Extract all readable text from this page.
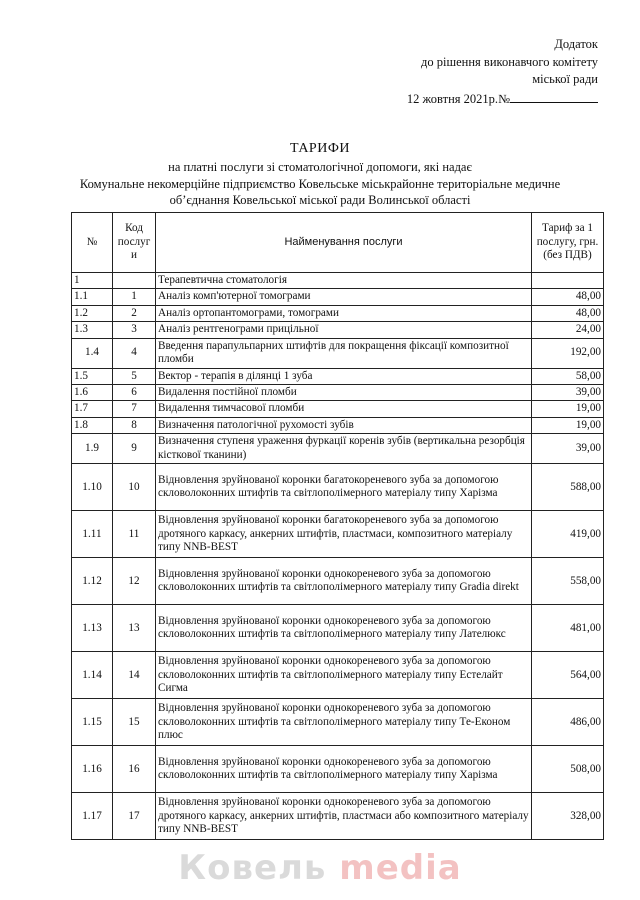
Додаток
до рішення виконавчого комітету
міської ради
12 жовтня 2021р.№
ТАРИФИ
на платні послуги зі стоматологічної допомоги, які надає
Комунальне некомерційне підприємство Ковельське міськрайонне територіальне медичне
об’єднання Ковельської міської ради Волинської області
№	Код послуг и	Найменування послуги	Тариф за 1 послугу, грн. (без ПДВ)
1		Терапевтична стоматологія	
1.1	1	Аналіз комп'ютерної томограми	48,00
1.2	2	Аналіз ортопантомограми, томограми	48,00
1.3	3	Аналіз рентгенограми прицільної	24,00
1.4	4	Введення парапульпарних штифтів для покращення фіксації композитної пломби	192,00
1.5	5	Вектор - терапія в ділянці 1 зуба	58,00
1.6	6	Видалення постійної пломби	39,00
1.7	7	Видалення тимчасової пломби	19,00
1.8	8	Визначення патологічної рухомості зубів	19,00
1.9	9	Визначення ступеня ураження фуркації коренів зубів (вертикальна резорбція кісткової тканини)	39,00
1.10	10	Відновлення зруйнованої коронки багатокореневого зуба за допомогою скловолоконних штифтів та світлополімерного матеріалу типу Харізма	588,00
1.11	11	Відновлення зруйнованої коронки багатокореневого зуба за допомогою дротяного каркасу, анкерних штифтів, пластмаси, композитного матеріалу типу NNB-BEST	419,00
1.12	12	Відновлення зруйнованої коронки однокореневого зуба за допомогою скловолоконних штифтів та світлополімерного матеріалу типу Gradia direkt	558,00
1.13	13	Відновлення зруйнованої коронки однокореневого зуба за допомогою скловолоконних штифтів та світлополімерного матеріалу типу Лателюкс	481,00
1.14	14	Відновлення зруйнованої коронки однокореневого зуба за допомогою скловолоконних штифтів та світлополімерного матеріалу типу Естелайт Сигма	564,00
1.15	15	Відновлення зруйнованої коронки однокореневого зуба за допомогою скловолоконних штифтів та світлополімерного матеріалу типу Те-Економ плюс	486,00
1.16	16	Відновлення зруйнованої коронки однокореневого зуба за допомогою скловолоконних штифтів та світлополімерного матеріалу типу Харізма	508,00
1.17	17	Відновлення зруйнованої коронки однокореневого зуба за допомогою дротяного каркасу, анкерних штифтів, пластмаси або композитного матеріалу типу NNB-BEST	328,00
Ковель media
